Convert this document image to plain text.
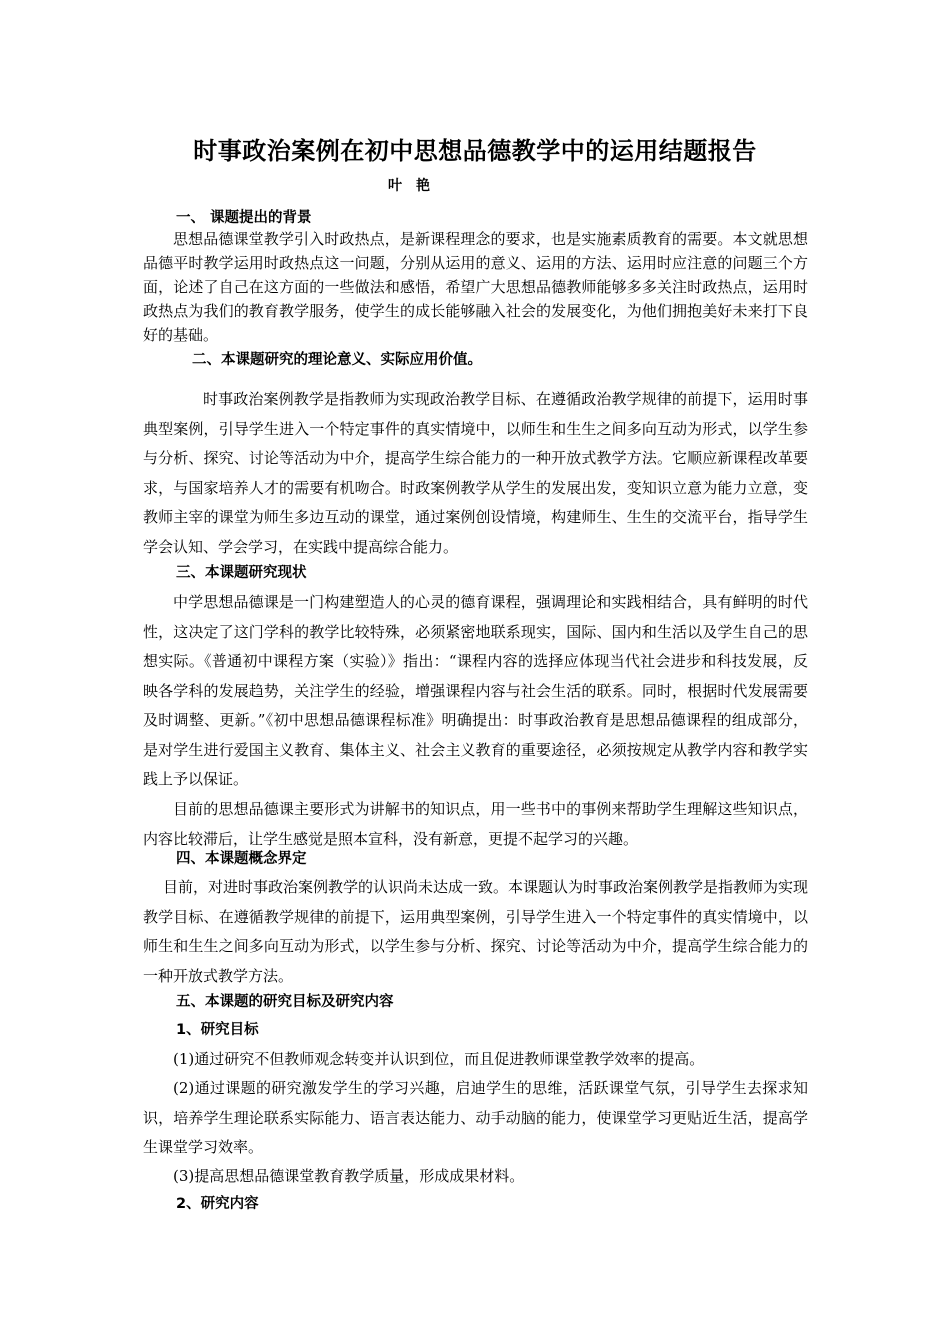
时事政治案例在初中思想品德教学中的运用结题报告
叶　艳
一、 课题提出的背景

思想品德课堂教学引入时政热点，是新课程理念的要求，也是实施素质教育的需要。本文就思想品德平时教学运用时政热点这一问题，分别从运用的意义、运用的方法、运用时应注意的问题三个方面，论述了自己在这方面的一些做法和感悟，希望广大思想品德教师能够多多关注时政热点，运用时政热点为我们的教育教学服务，使学生的成长能够融入社会的发展变化，为他们拥抱美好未来打下良好的基础。

二、本课题研究的理论意义、实际应用价值。

时事政治案例教学是指教师为实现政治教学目标、在遵循政治教学规律的前提下，运用时事典型案例，引导学生进入一个特定事件的真实情境中，以师生和生生之间多向互动为形式，以学生参与分析、探究、讨论等活动为中介，提高学生综合能力的一种开放式教学方法。它顺应新课程改革要求，与国家培养人才的需要有机吻合。时政案例教学从学生的发展出发，变知识立意为能力立意，变教师主宰的课堂为师生多边互动的课堂，通过案例创设情境，构建师生、生生的交流平台，指导学生学会认知、学会学习，在实践中提高综合能力。

三、本课题研究现状

中学思想品德课是一门构建塑造人的心灵的德育课程，强调理论和实践相结合，具有鲜明的时代性，这决定了这门学科的教学比较特殊，必须紧密地联系现实，国际、国内和生活以及学生自己的思想实际。《普通初中课程方案（实验）》指出：“课程内容的选择应体现当代社会进步和科技发展，反映各学科的发展趋势，关注学生的经验，增强课程内容与社会生活的联系。同时，根据时代发展需要及时调整、更新。”《初中思想品德课程标准》明确提出：时事政治教育是思想品德课程的组成部分，是对学生进行爱国主义教育、集体主义、社会主义教育的重要途径，必须按规定从教学内容和教学实践上予以保证。

目前的思想品德课主要形式为讲解书的知识点，用一些书中的事例来帮助学生理解这些知识点，内容比较滞后，让学生感觉是照本宣科，没有新意，更提不起学习的兴趣。

四、本课题概念界定

目前，对进时事政治案例教学的认识尚未达成一致。本课题认为时事政治案例教学是指教师为实现教学目标、在遵循教学规律的前提下，运用典型案例，引导学生进入一个特定事件的真实情境中，以师生和生生之间多向互动为形式，以学生参与分析、探究、讨论等活动为中介，提高学生综合能力的一种开放式教学方法。

五、本课题的研究目标及研究内容
1、研究目标

(1)通过研究不但教师观念转变并认识到位，而且促进教师课堂教学效率的提高。

(2)通过课题的研究激发学生的学习兴趣，启迪学生的思维，活跃课堂气氛，引导学生去探求知识，培养学生理论联系实际能力、语言表达能力、动手动脑的能力，使课堂学习更贴近生活，提高学生课堂学习效率。

(3)提高思想品德课堂教育教学质量，形成成果材料。

2、研究内容
